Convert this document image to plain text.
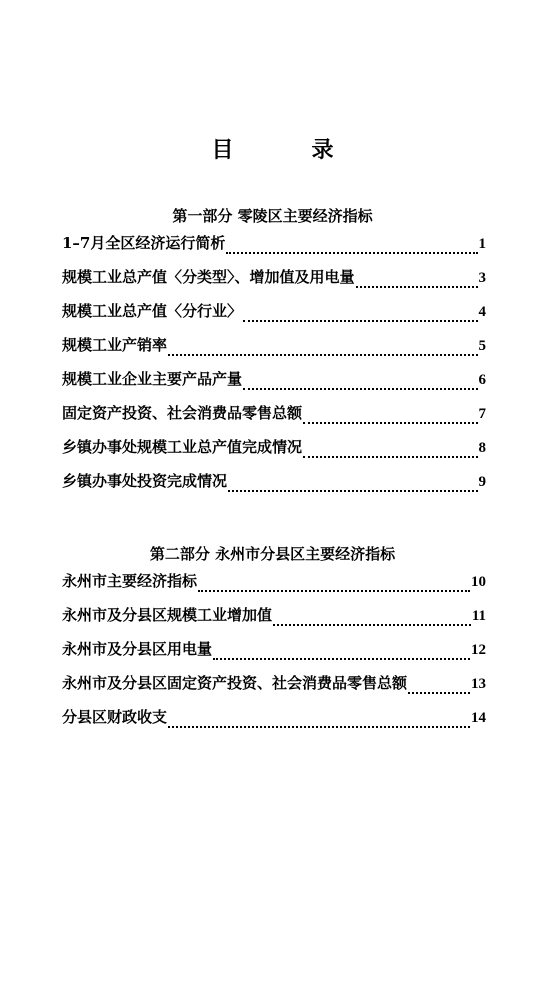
目　录
第一部分 零陵区主要经济指标
1–7月全区经济运行简析	1
规模工业总产值〈分类型〉、增加值及用电量	3
规模工业总产值〈分行业〉	4
规模工业产销率	5
规模工业企业主要产品产量	6
固定资产投资、社会消费品零售总额	7
乡镇办事处规模工业总产值完成情况	8
乡镇办事处投资完成情况	9
第二部分 永州市分县区主要经济指标
永州市主要经济指标	10
永州市及分县区规模工业增加值	11
永州市及分县区用电量	12
永州市及分县区固定资产投资、社会消费品零售总额	13
分县区财政收支	14
